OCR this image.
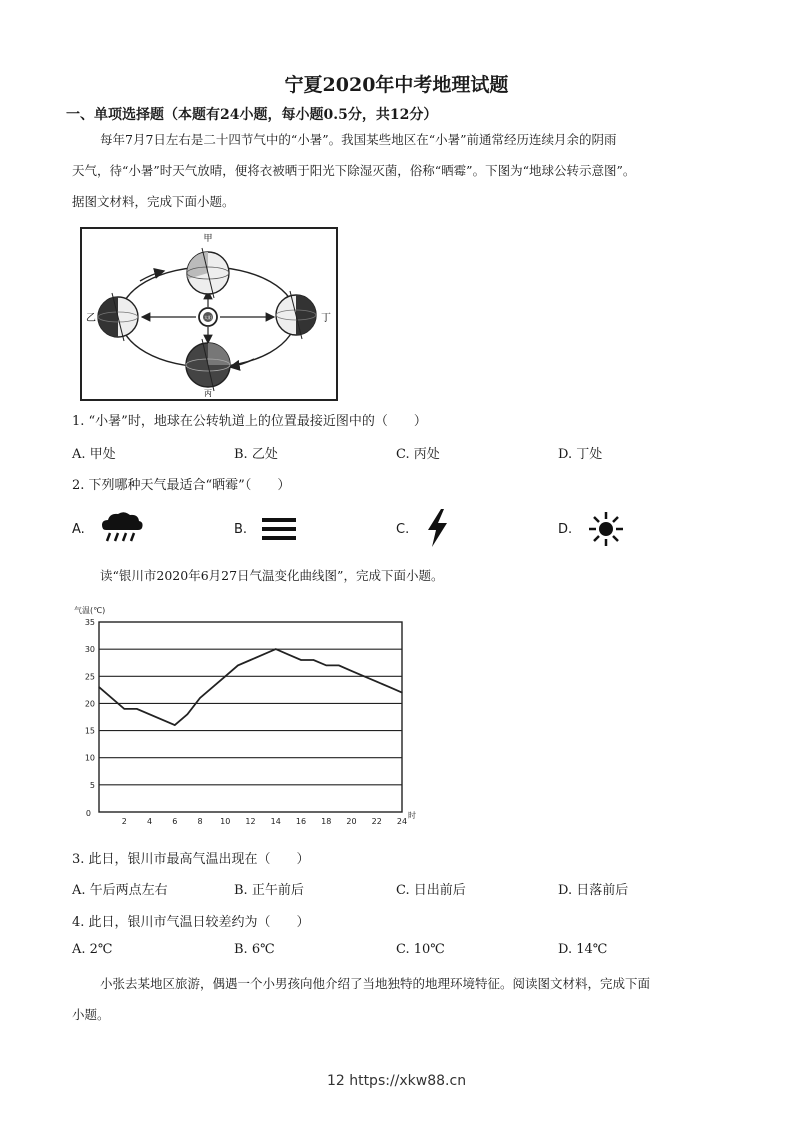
宁夏2020年中考地理试题
一、单项选择题（本题有24小题，每小题0.5分，共12分）
每年7月7日左右是二十四节气中的“小暑”。我国某些地区在“小暑”前通常经历连续月余的阴雨
天气，待“小暑”时天气放晴，便将衣被晒于阳光下除湿灭菌，俗称“晒霉”。下图为“地球公转示意图”。
据图文材料，完成下面小题。
甲
乙
丙
丁
太阳
1. “小暑”时，地球在公转轨道上的位置最接近图中的（　　）
A. 甲处	B. 乙处	C. 丙处	D. 丁处
2. 下列哪种天气最适合“晒霉”（　　）
A.	B.	C.	D.
读“银川市2020年6月27日气温变化曲线图”，完成下面小题。
0
5
10
15
20
25
30
35
2	4	6	8 10 12 14 16 18 20 22 24
气温(℃)
时
3. 此日，银川市最高气温出现在（　　）
A. 午后两点左右	B. 正午前后	C. 日出前后	D. 日落前后
4. 此日，银川市气温日较差约为（　　）
A. 2℃	B. 6℃	C. 10℃	D. 14℃
小张去某地区旅游，偶遇一个小男孩向他介绍了当地独特的地理环境特征。阅读图文材料，完成下面
小题。
12 https://xkw88.cn
